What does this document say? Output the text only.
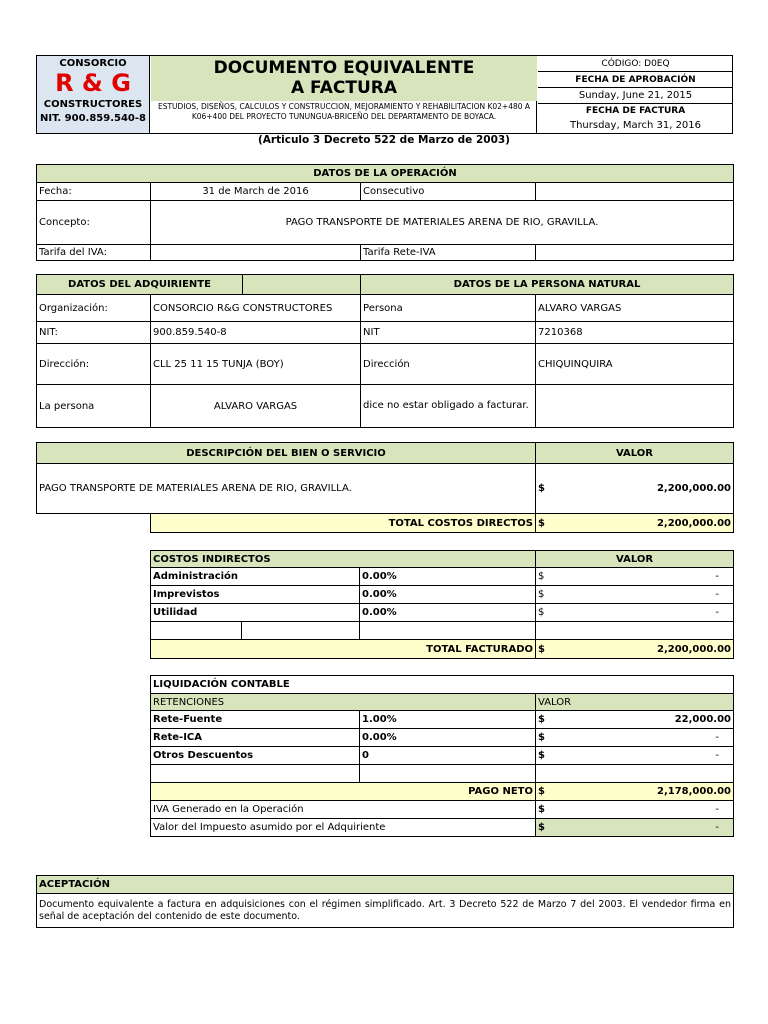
CONSORCIO
R & G
CONSTRUCTORES
NIT. 900.859.540-8
DOCUMENTO EQUIVALENTE A FACTURA
ESTUDIOS, DISEÑOS, CALCULOS Y CONSTRUCCION, MEJORAMIENTO Y REHABILITACION K02+480 A K06+400 DEL PROYECTO TUNUNGUA-BRICEÑO DEL DEPARTAMENTO DE BOYACA.
CÓDIGO: D0EQ
FECHA DE APROBACIÓN
Sunday, June 21, 2015
FECHA DE FACTURA
Thursday, March 31, 2016
(Articulo 3 Decreto 522 de Marzo de 2003)
DATOS DE LA OPERACIÓN			
Fecha:	31 de March de 2016	Consecutivo	
Concepto:	PAGO TRANSPORTE DE MATERIALES ARENA DE RIO, GRAVILLA.		
Tarifa del IVA:		Tarifa Rete-IVA	
DATOS DEL ADQUIRIENTE			DATOS DE LA PERSONA NATURAL	
Organización:	CONSORCIO R&G CONSTRUCTORES		Persona	ALVARO VARGAS
NIT:	900.859.540-8		NIT	7210368
Dirección:	CLL 25 11 15 TUNJA (BOY)		Dirección	CHIQUINQUIRA
La persona	ALVARO VARGAS		dice no estar obligado a facturar.	
DESCRIPCIÓN DEL BIEN O SERVICIO	VALOR
PAGO TRANSPORTE DE MATERIALES ARENA DE RIO, GRAVILLA.	$ 2,200,000.00
TOTAL COSTOS DIRECTOS	$	2,200,000.00
COSTOS INDIRECTOS			VALOR
Administración		0.00%	$ -

Imprevistos		0.00%	$ -

Utilidad		0.00%	$ -

TOTAL FACTURADO			$ 2,200,000.00
LIQUIDACIÓN CONTABLE		
RETENCIONES		VALOR
Rete-Fuente	1.00%	$ 22,000.00

Rete-ICA	0.00%	$ -

Otros Descuentos	0	$ -

PAGO NETO		$ 2,178,000.00

IVA Generado en la Operación		$ -

Valor del Impuesto asumido por el Adquiriente		$ -
ACEPTACIÓN
Documento equivalente a factura en adquisiciones con el régimen simplificado. Art. 3 Decreto 522 de Marzo 7 del 2003. El vendedor firma en señal de aceptación del contenido de este documento.
